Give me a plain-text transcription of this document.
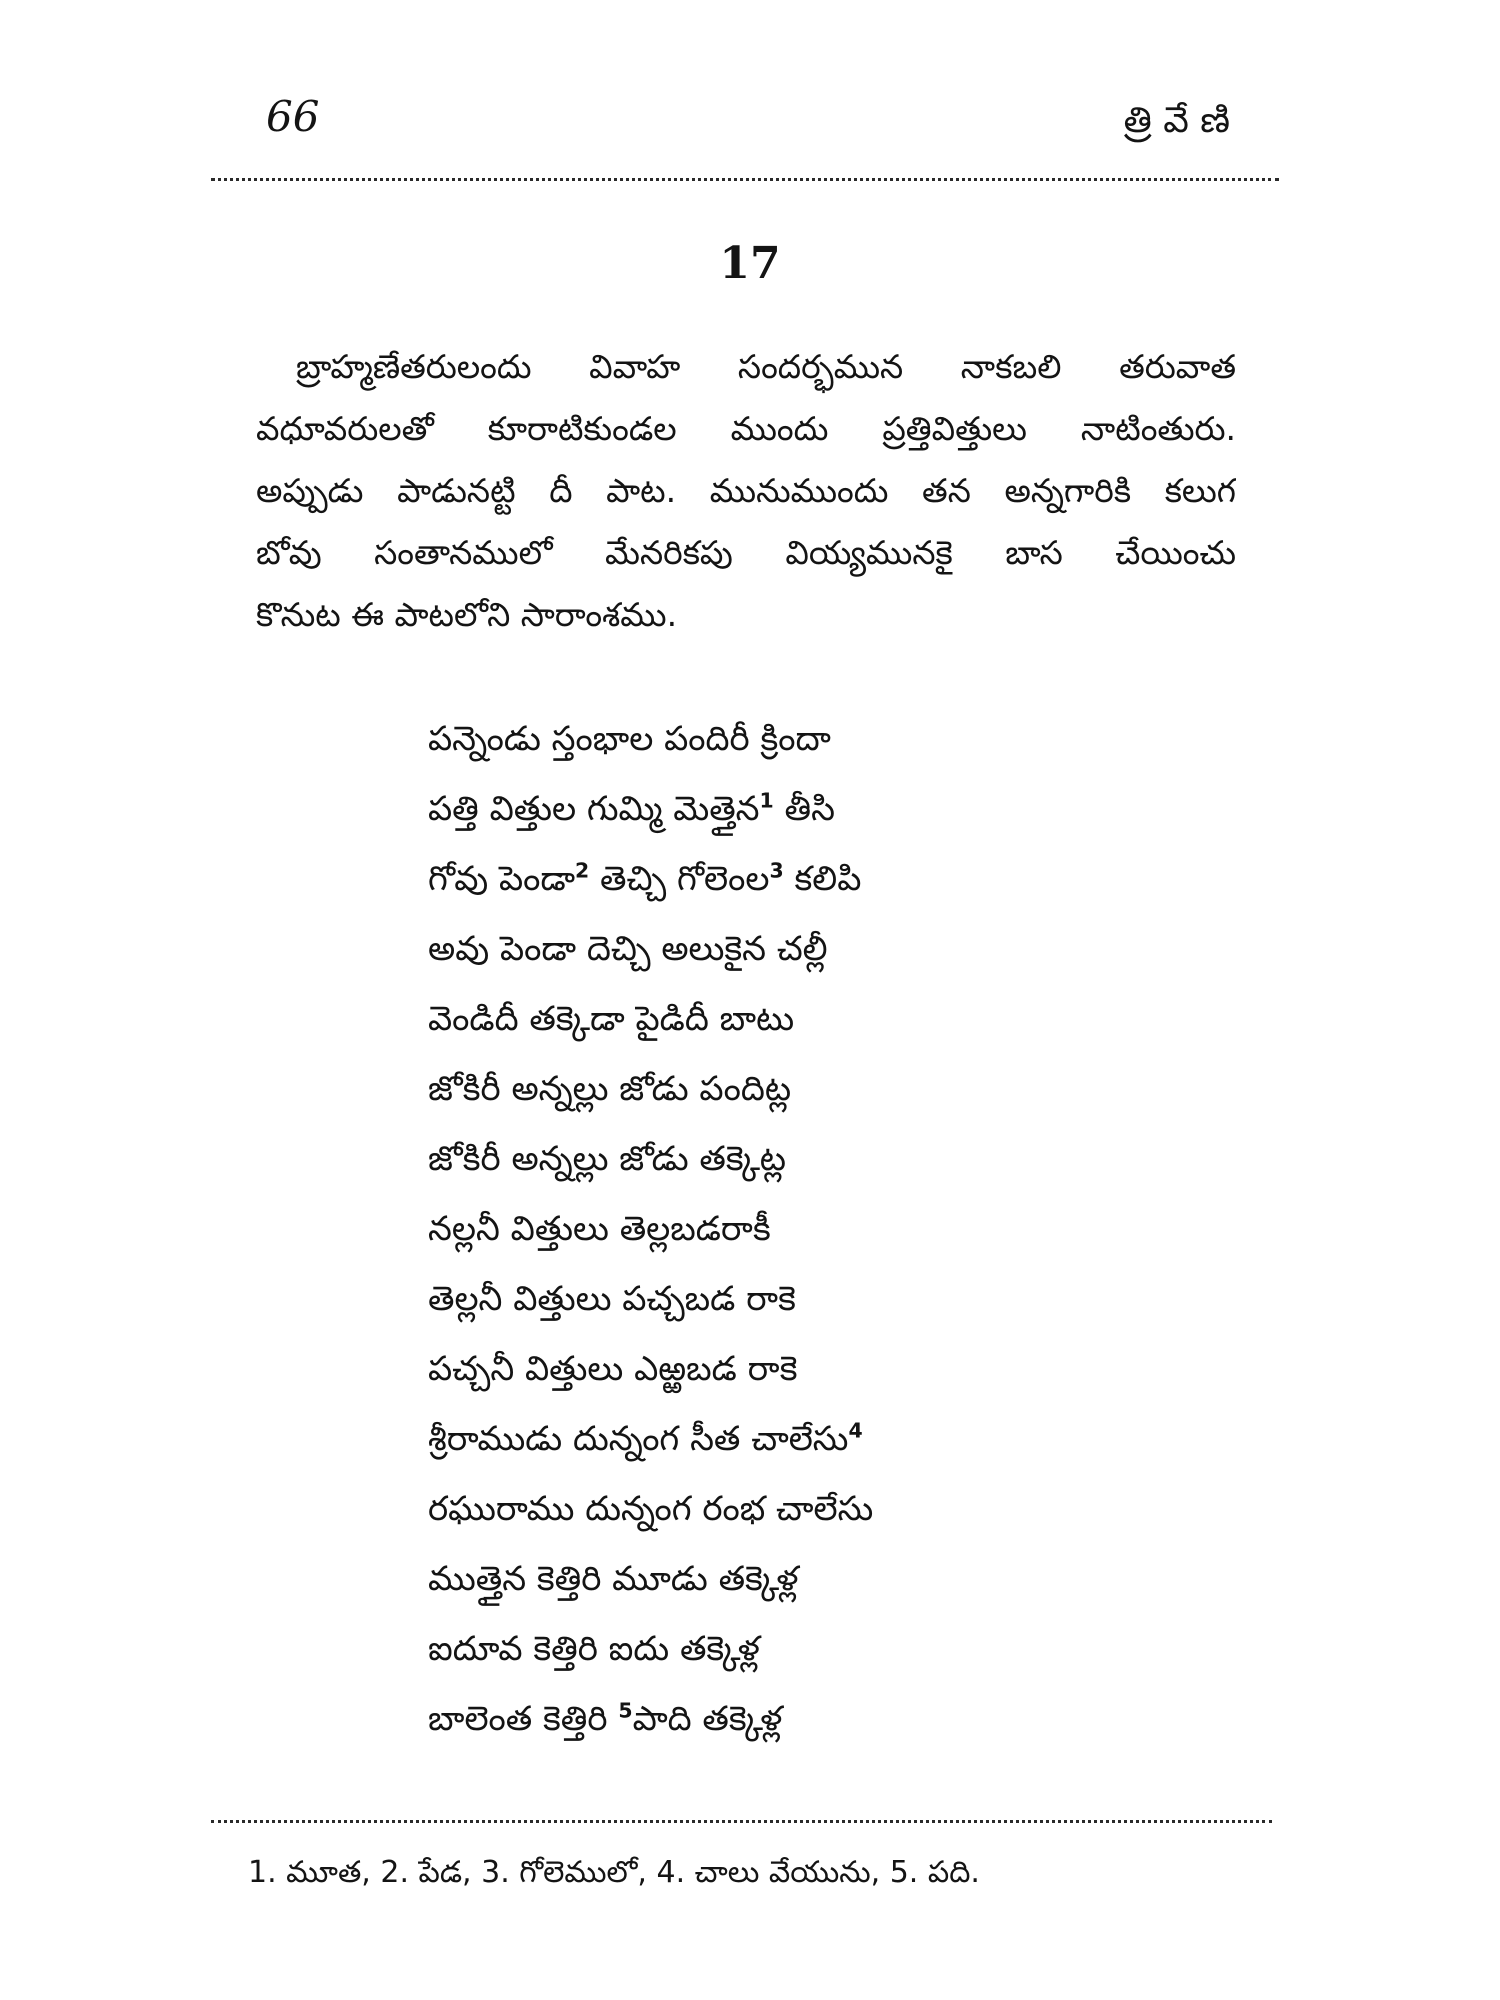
66	త్రి వే ణి
17
బ్రాహ్మణేతరులందు వివాహ సందర్భమున నాకబలి తరువాత
వధూవరులతో కూరాటికుండల ముందు ప్రత్తివిత్తులు నాటింతురు.
అప్పుడు పాడునట్టి దీ పాట. మునుముందు తన అన్నగారికి కలుగ
బోవు సంతానములో మేనరికపు వియ్యమునకై బాస చేయించు
కొనుట ఈ పాటలోని సారాంశము.
పన్నెండు స్తంభాల పందిరీ క్రిందా
పత్తి విత్తుల గుమ్మి మెత్తైన$^1$ తీసి
గోవు పెండా$^2$ తెచ్చి గోలెంల$^3$ కలిపి
అవు పెండా దెచ్చి అలుకైన చల్లీ
వెండిదీ తక్కెడా పైడిదీ బాటు
జోకిరీ అన్నల్లు జోడు పందిట్ల
జోకిరీ అన్నల్లు జోడు తక్కెట్ల
నల్లనీ విత్తులు తెల్లబడరాకీ
తెల్లనీ విత్తులు పచ్చబడ రాకె
పచ్చనీ విత్తులు ఎఱ్ఱబడ రాకె
శ్రీరాముడు దున్నంగ సీత చాలేసు$^4$
రఘురాము దున్నంగ రంభ చాలేసు
ముత్తైన కెత్తిరి మూడు తక్కెళ్ల
ఐదూవ కెత్తిరి ఐదు తక్కెళ్ల
బాలెంత కెత్తిరి $^5$పాది తక్కెళ్ల
1. మూత, 2. పేడ, 3. గోలెములో, 4. చాలు వేయును, 5. పది.
